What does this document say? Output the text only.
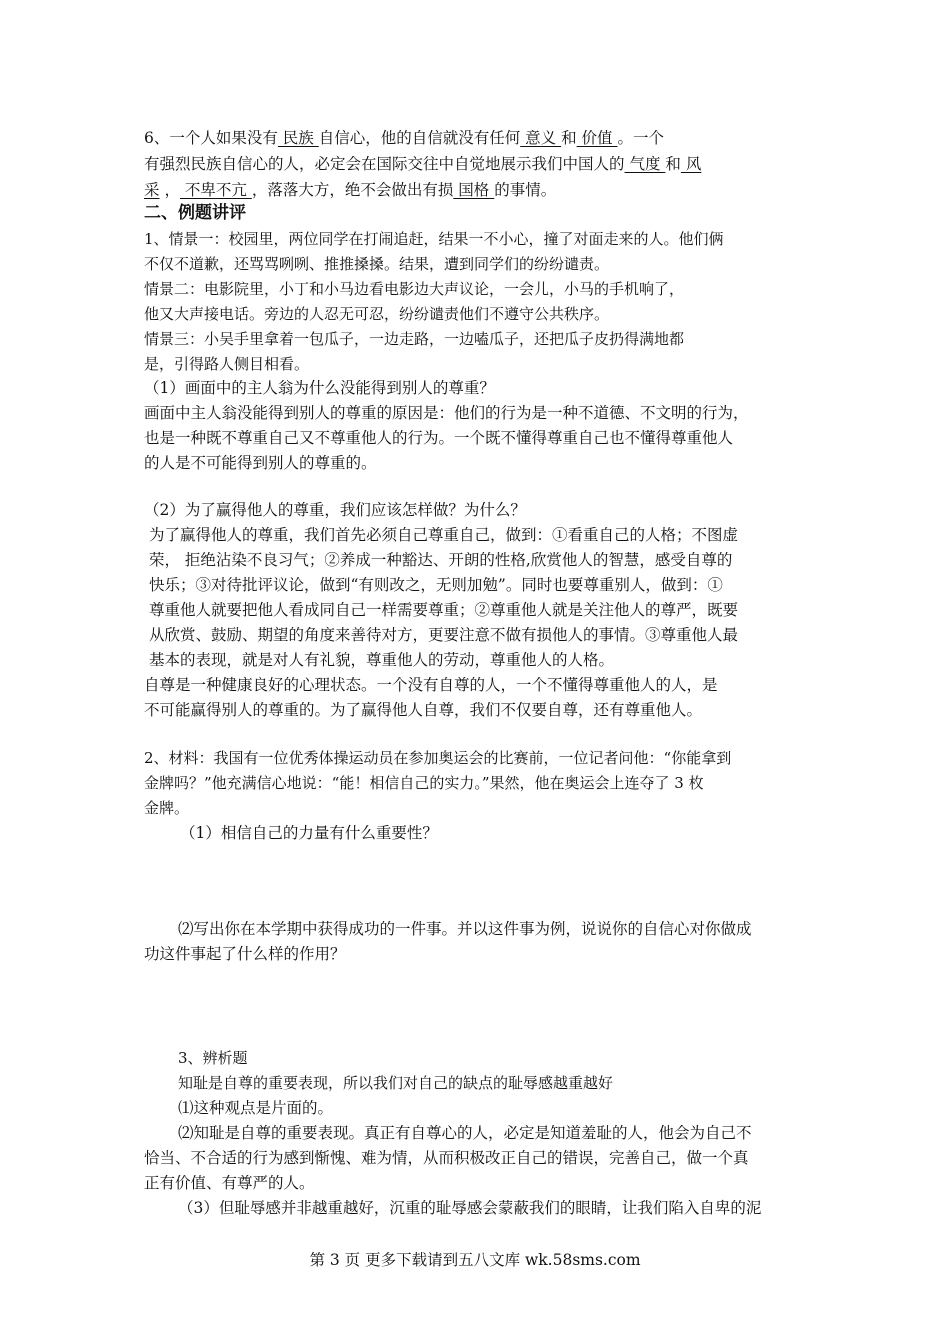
6、一个人如果没有 民族 自信心，他的自信就没有任何 意义 和 价值 。一个
有强烈民族自信心的人，必定会在国际交往中自觉地展示我们中国人的 气度 和 风
采 ， 不卑不亢 ，落落大方，绝不会做出有损 国格 的事情。
二、例题讲评
1、情景一：校园里，两位同学在打闹追赶，结果一不小心，撞了对面走来的人。他们俩
不仅不道歉，还骂骂咧咧、推推搡搡。结果，遭到同学们的纷纷谴责。
情景二：电影院里，小丁和小马边看电影边大声议论，一会儿，小马的手机响了，
他又大声接电话。旁边的人忍无可忍，纷纷谴责他们不遵守公共秩序。
情景三：小吴手里拿着一包瓜子，一边走路，一边嗑瓜子，还把瓜子皮扔得满地都
是，引得路人侧目相看。
（1）画面中的主人翁为什么没能得到别人的尊重？
画面中主人翁没能得到别人的尊重的原因是：他们的行为是一种不道德、不文明的行为，
也是一种既不尊重自己又不尊重他人的行为。一个既不懂得尊重自己也不懂得尊重他人
的人是不可能得到别人的尊重的。
（2）为了赢得他人的尊重，我们应该怎样做？为什么？
为了赢得他人的尊重，我们首先必须自己尊重自己，做到：①看重自己的人格；不图虚
荣， 拒绝沾染不良习气；②养成一种豁达、开朗的性格,欣赏他人的智慧，感受自尊的
快乐；③对待批评议论，做到“有则改之，无则加勉”。同时也要尊重别人，做到：①
尊重他人就要把他人看成同自己一样需要尊重；②尊重他人就是关注他人的尊严，既要
从欣赏、鼓励、期望的角度来善待对方，更要注意不做有损他人的事情。③尊重他人最
基本的表现，就是对人有礼貌，尊重他人的劳动，尊重他人的人格。
自尊是一种健康良好的心理状态。一个没有自尊的人，一个不懂得尊重他人的人，是
不可能赢得别人的尊重的。为了赢得他人自尊，我们不仅要自尊，还有尊重他人。
2、材料：我国有一位优秀体操运动员在参加奥运会的比赛前，一位记者问他：“你能拿到
金牌吗？”他充满信心地说：“能！相信自己的实力。”果然，他在奥运会上连夺了 3 枚
金牌。
（1）相信自己的力量有什么重要性？
⑵写出你在本学期中获得成功的一件事。并以这件事为例，说说你的自信心对你做成
功这件事起了什么样的作用？
3、辨析题
知耻是自尊的重要表现，所以我们对自己的缺点的耻辱感越重越好
⑴这种观点是片面的。
⑵知耻是自尊的重要表现。真正有自尊心的人，必定是知道羞耻的人，他会为自己不
恰当、不合适的行为感到惭愧、难为情，从而积极改正自己的错误，完善自己，做一个真
正有价值、有尊严的人。
（3）但耻辱感并非越重越好，沉重的耻辱感会蒙蔽我们的眼睛，让我们陷入自卑的泥
第 3 页 更多下载请到五八文库 wk.58sms.com
